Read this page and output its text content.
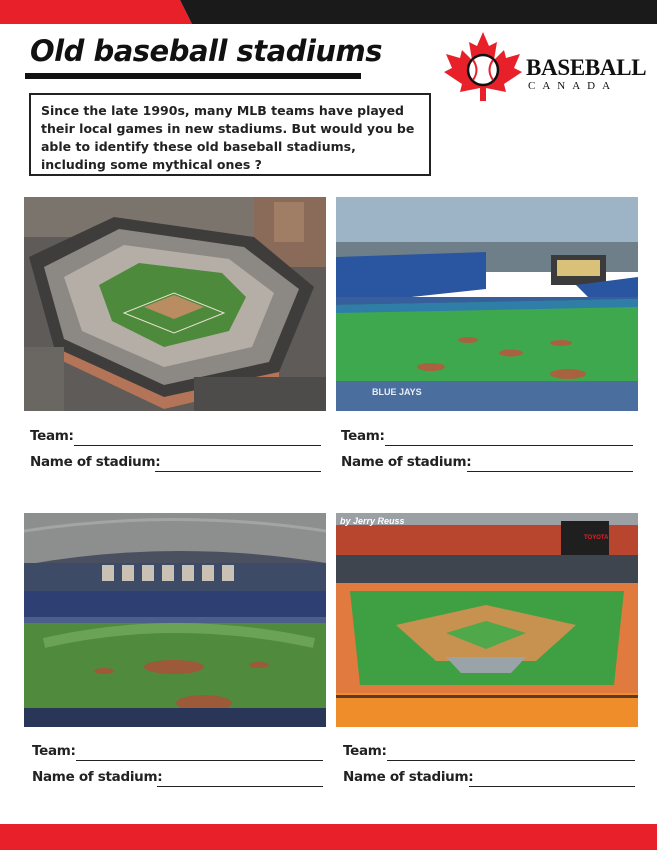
Old baseball stadiums	BASEBALL
CANADA
Since the late 1990s, many MLB teams have played their local games in new stadiums. But would you be able to identify these old baseball stadiums, including some mythical ones ?
BLUE JAYS
by Jerry Reuss
TOYOTA
Team:
Name of stadium:
Team:
Name of stadium:
Team:
Name of stadium:
Team:
Name of stadium:
